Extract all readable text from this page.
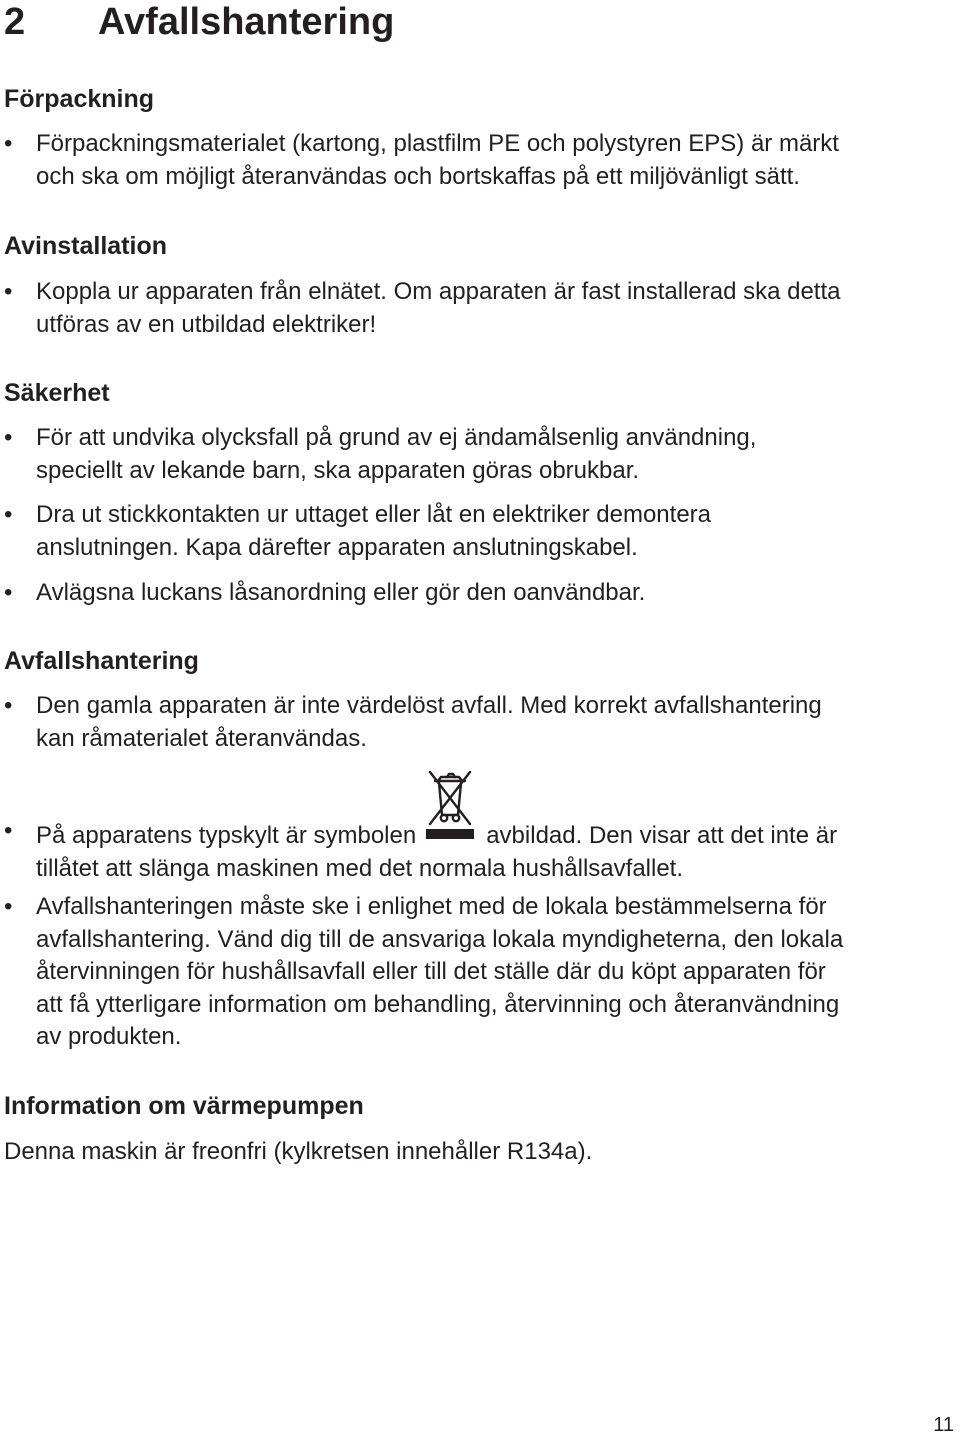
2 Avfallshantering
Förpackning
• Förpackningsmaterialet (kartong, plastfilm PE och polystyren EPS) är märkt
och ska om möjligt återanvändas och bortskaffas på ett miljövänligt sätt.
Avinstallation
• Koppla ur apparaten från elnätet. Om apparaten är fast installerad ska detta
utföras av en utbildad elektriker!
Säkerhet
• För att undvika olycksfall på grund av ej ändamålsenlig användning,
speciellt av lekande barn, ska apparaten göras obrukbar.
• Dra ut stickkontakten ur uttaget eller låt en elektriker demontera
anslutningen. Kapa därefter apparaten anslutningskabel.
• Avlägsna luckans låsanordning eller gör den oanvändbar.
Avfallshantering
• Den gamla apparaten är inte värdelöst avfall. Med korrekt avfallshantering
kan råmaterialet återanvändas.
• På apparatens typskylt är symbolen	avbildad. Den visar att det inte är
tillåtet att slänga maskinen med det normala hushållsavfallet.
• Avfallshanteringen måste ske i enlighet med de lokala bestämmelserna för
avfallshantering. Vänd dig till de ansvariga lokala myndigheterna, den lokala
återvinningen för hushållsavfall eller till det ställe där du köpt apparaten för
att få ytterligare information om behandling, återvinning och återanvändning
av produkten.
Information om värmepumpen
Denna maskin är freonfri (kylkretsen innehåller R134a).
11
